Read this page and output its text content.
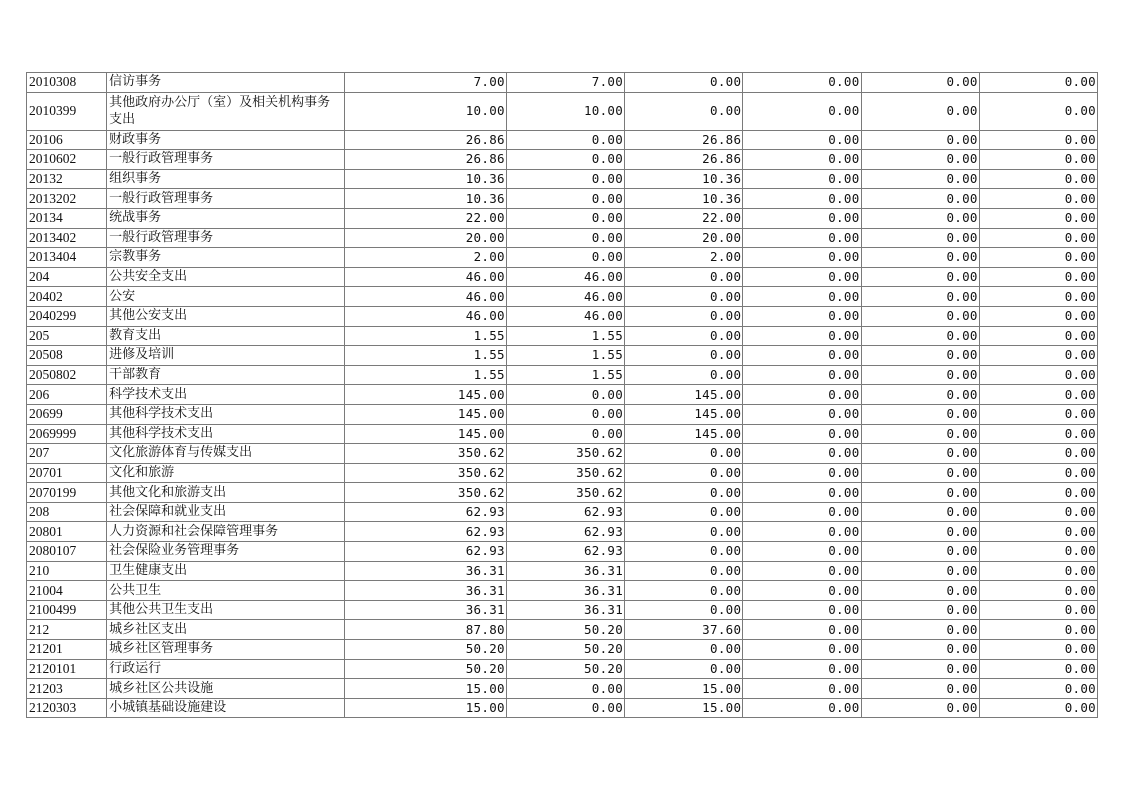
2010308	信访事务	7.00	7.00	0.00	0.00	0.00	0.00
2010399	其他政府办公厅（室）及相关机构事务支出	10.00	10.00	0.00	0.00	0.00	0.00
20106	财政事务	26.86	0.00	26.86	0.00	0.00	0.00
2010602	一般行政管理事务	26.86	0.00	26.86	0.00	0.00	0.00
20132	组织事务	10.36	0.00	10.36	0.00	0.00	0.00
2013202	一般行政管理事务	10.36	0.00	10.36	0.00	0.00	0.00
20134	统战事务	22.00	0.00	22.00	0.00	0.00	0.00
2013402	一般行政管理事务	20.00	0.00	20.00	0.00	0.00	0.00
2013404	宗教事务	2.00	0.00	2.00	0.00	0.00	0.00
204	公共安全支出	46.00	46.00	0.00	0.00	0.00	0.00
20402	公安	46.00	46.00	0.00	0.00	0.00	0.00
2040299	其他公安支出	46.00	46.00	0.00	0.00	0.00	0.00
205	教育支出	1.55	1.55	0.00	0.00	0.00	0.00
20508	进修及培训	1.55	1.55	0.00	0.00	0.00	0.00
2050802	干部教育	1.55	1.55	0.00	0.00	0.00	0.00
206	科学技术支出	145.00	0.00	145.00	0.00	0.00	0.00
20699	其他科学技术支出	145.00	0.00	145.00	0.00	0.00	0.00
2069999	其他科学技术支出	145.00	0.00	145.00	0.00	0.00	0.00
207	文化旅游体育与传媒支出	350.62	350.62	0.00	0.00	0.00	0.00
20701	文化和旅游	350.62	350.62	0.00	0.00	0.00	0.00
2070199	其他文化和旅游支出	350.62	350.62	0.00	0.00	0.00	0.00
208	社会保障和就业支出	62.93	62.93	0.00	0.00	0.00	0.00
20801	人力资源和社会保障管理事务	62.93	62.93	0.00	0.00	0.00	0.00
2080107	社会保险业务管理事务	62.93	62.93	0.00	0.00	0.00	0.00
210	卫生健康支出	36.31	36.31	0.00	0.00	0.00	0.00
21004	公共卫生	36.31	36.31	0.00	0.00	0.00	0.00
2100499	其他公共卫生支出	36.31	36.31	0.00	0.00	0.00	0.00
212	城乡社区支出	87.80	50.20	37.60	0.00	0.00	0.00
21201	城乡社区管理事务	50.20	50.20	0.00	0.00	0.00	0.00
2120101	行政运行	50.20	50.20	0.00	0.00	0.00	0.00
21203	城乡社区公共设施	15.00	0.00	15.00	0.00	0.00	0.00
2120303	小城镇基础设施建设	15.00	0.00	15.00	0.00	0.00	0.00
